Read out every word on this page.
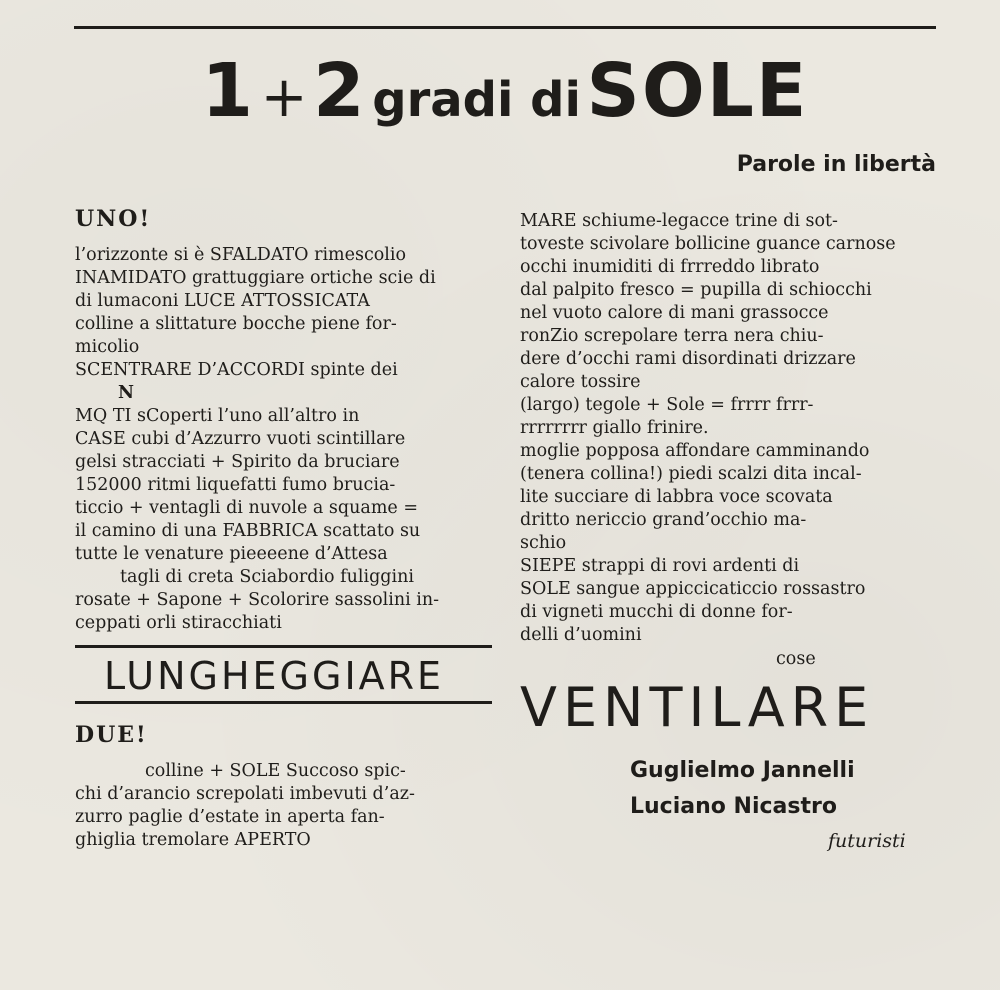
1 + 2 gradi di SOLE
Parole in libertà
UNO!
l’orizzonte si è SFALDATO rimescolio
INAMIDATO grattuggiare ortiche scie di
di lumaconi LUCE ATTOSSICATA
colline a slittature bocche piene for-
micolio
SCENTRARE D’ACCORDI spinte dei
N
MQ TI sCoperti l’uno all’altro in
CASE cubi d’Azzurro vuoti scintillare
gelsi stracciati + Spirito da bruciare
152000 ritmi liquefatti fumo brucia-
ticcio + ventagli di nuvole a squame =
il camino di una FABBRICA scattato su
tutte le venature pieeeene d’Attesa
tagli di creta Sciabordio fuliggini
rosate + Sapone + Scolorire sassolini in-
ceppati orli stiracchiati
LUNGHEGGIARE
DUE!
colline + SOLE Succoso spic-
chi d’arancio screpolati imbevuti d’az-
zurro paglie d’estate in aperta fan-
ghiglia tremolare APERTO
MARE schiume-legacce trine di sot-
toveste scivolare bollicine guance carnose
occhi inumiditi di frrreddo librato
dal palpito fresco = pupilla di schiocchi
nel vuoto calore di mani grassocce
ronZio screpolare terra nera chiu-
dere d’occhi rami disordinati drizzare
calore tossire
(largo) tegole + Sole = frrrr frrr-
rrrrrrrr giallo frinire.
moglie popposa affondare camminando
(tenera collina!) piedi scalzi dita incal-
lite succiare di labbra voce scovata
dritto nericcio grand’occhio ma-
schio
SIEPE strappi di rovi ardenti di
SOLE sangue appiccicaticcio rossastro
di vigneti mucchi di donne for-
delli d’uomini
cose
VENTILARE
Guglielmo Jannelli
Luciano Nicastro
futuristi
